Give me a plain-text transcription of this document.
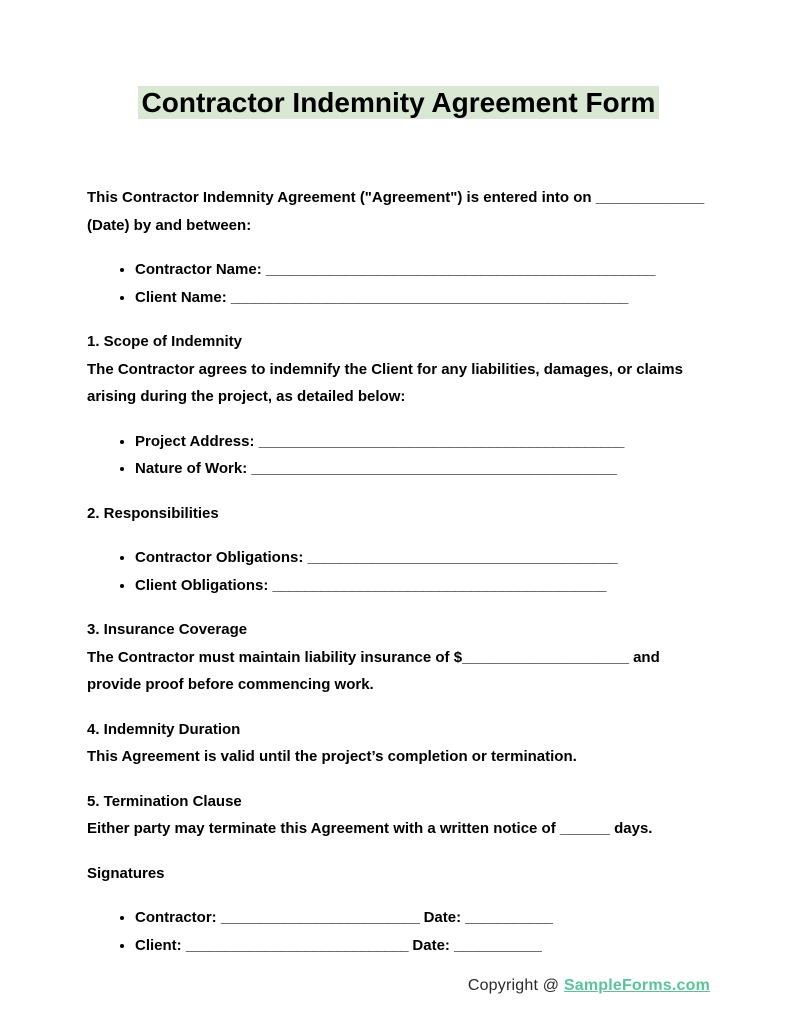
Contractor Indemnity Agreement Form

This Contractor Indemnity Agreement ("Agreement") is entered into on _____________ (Date) by and between:

• Contractor Name: _________________________________________________
• Client Name: __________________________________________________

1. Scope of Indemnity

The Contractor agrees to indemnify the Client for any liabilities, damages, or claims arising during the project, as detailed below:

• Project Address: ______________________________________________
• Nature of Work: ______________________________________________

2. Responsibilities

• Contractor Obligations: _______________________________________
• Client Obligations: __________________________________________

3. Insurance Coverage

The Contractor must maintain liability insurance of $____________________ and provide proof before commencing work.

4. Indemnity Duration

This Agreement is valid until the project’s completion or termination.

5. Termination Clause

Either party may terminate this Agreement with a written notice of ______ days.

Signatures

• Contractor: _________________________ Date: ___________
• Client: ____________________________ Date: ___________
Copyright @ SampleForms.com
